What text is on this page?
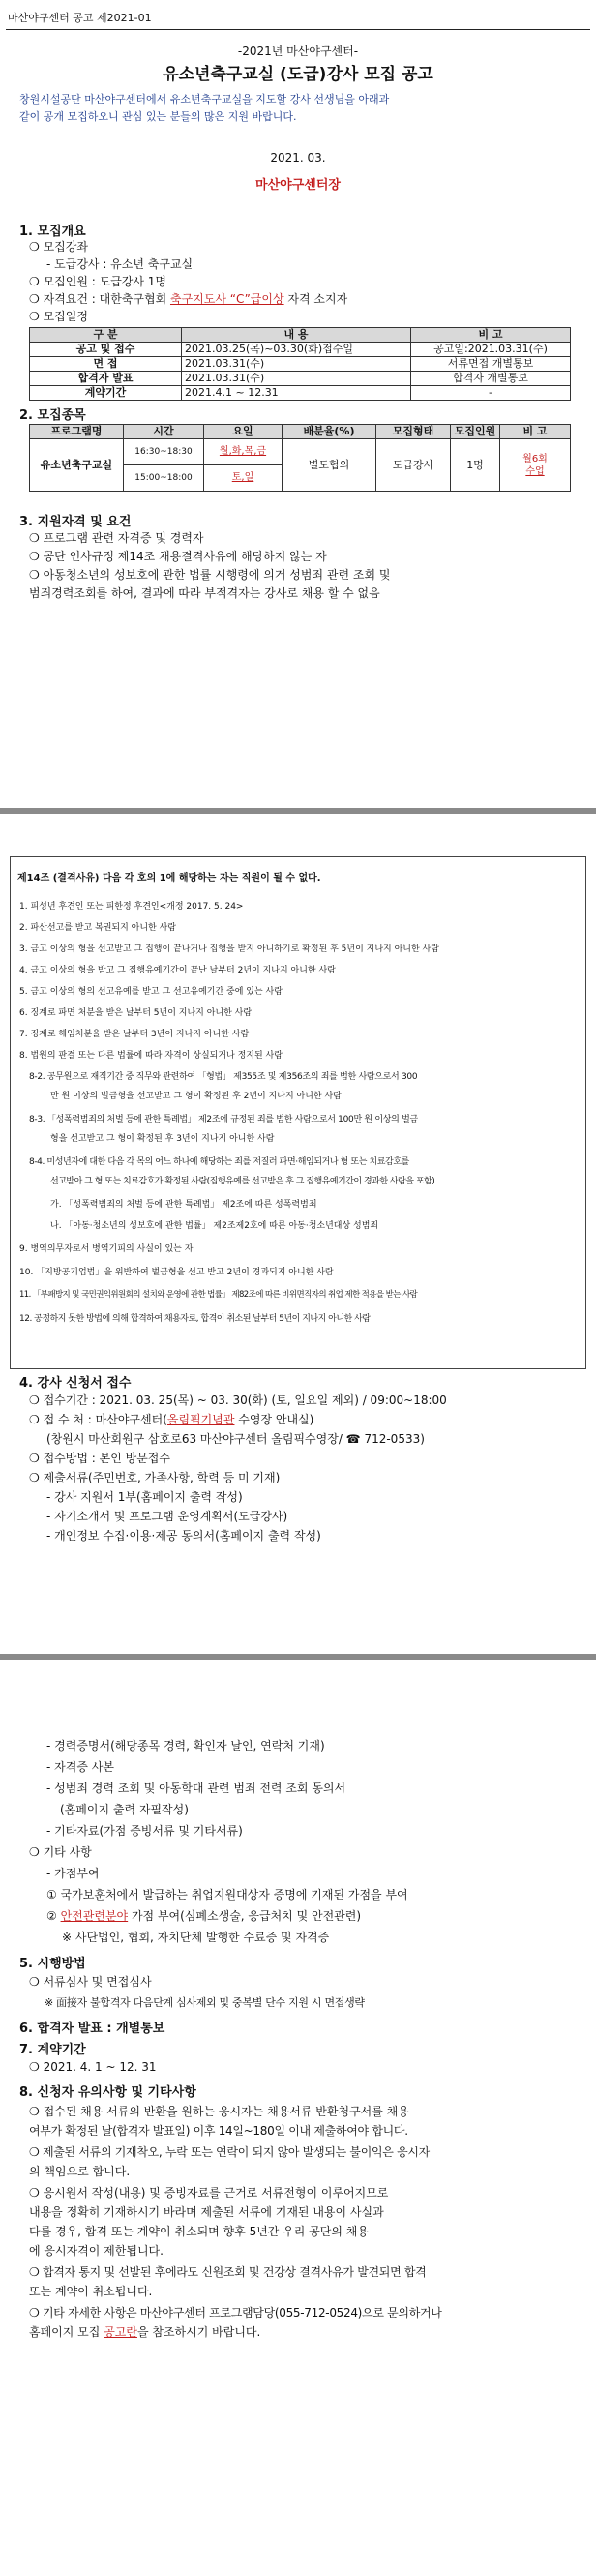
마산야구센터 공고 제2021-01
-2021년 마산야구센터-
유소년축구교실 (도급)강사 모집 공고
창원시설공단 마산야구센터에서 유소년축구교실을 지도할 강사 선생님을 아래과
같이 공개 모집하오니 관심 있는 분들의 많은 지원 바랍니다.
2021. 03.
마산야구센터장
1. 모집개요
❍ 모집강좌
- 도급강사 : 유소년 축구교실
❍ 모집인원 : 도급강사 1명
❍ 자격요건 : 대한축구협회 축구지도사 “C”급이상 자격 소지자
❍ 모집일정
구 분	내 용	비 고
공고 및 접수	2021.03.25(목)~03.30(화)접수일	공고일:2021.03.31(수)
면 접	2021.03.31(수)	서류면접 개별통보
합격자 발표	2021.03.31(수)	합격자 개별통보
계약기간	2021.4.1 ~ 12.31	-
2. 모집종목
프로그램명	시간	요일	배분율(%)	모집형태	모집인원	비 고
유소년축구교실	16:30~18:30	월,화,목,금	별도협의	도급강사	1명	월6회
수업

	15:00~18:00	토,일				
3. 지원자격 및 요건
❍ 프로그램 관련 자격증 및 경력자
❍ 공단 인사규정 제14조 채용결격사유에 해당하지 않는 자
❍ 아동청소년의 성보호에 관한 법률 시행령에 의거 성범죄 관련 조회 및
범죄경력조회를 하여, 결과에 따라 부적격자는 강사로 채용 할 수 없음
제14조 (결격사유) 다음 각 호의 1에 해당하는 자는 직원이 될 수 없다.
1. 피성년 후견인 또는 피한정 후견인<개정 2017. 5. 24>
2. 파산선고를 받고 복권되지 아니한 사람
3. 금고 이상의 형을 선고받고 그 집행이 끝나거나 집행을 받지 아니하기로 확정된 후 5년이 지나지 아니한 사람
4. 금고 이상의 형을 받고 그 집행유예기간이 끝난 날부터 2년이 지나지 아니한 사람
5. 금고 이상의 형의 선고유예를 받고 그 선고유예기간 중에 있는 사람
6. 징계로 파면 처분을 받은 날부터 5년이 지나지 아니한 사람
7. 징계로 해임처분을 받은 날부터 3년이 지나지 아니한 사람
8. 법원의 판결 또는 다른 법률에 따라 자격이 상실되거나 정지된 사람
8-2. 공무원으로 재직기간 중 직무와 관련하여 「형법」 제355조 및 제356조의 죄를 범한 사람으로서 300
만 원 이상의 벌금형을 선고받고 그 형이 확정된 후 2년이 지나지 아니한 사람
8-3. 「성폭력범죄의 처벌 등에 관한 특례법」 제2조에 규정된 죄를 범한 사람으로서 100만 원 이상의 벌금
형을 선고받고 그 형이 확정된 후 3년이 지나지 아니한 사람
8-4. 미성년자에 대한 다음 각 목의 어느 하나에 해당하는 죄를 저질러 파면·해임되거나 형 또는 치료감호를
선고받아 그 형 또는 치료감호가 확정된 사람(집행유예를 선고받은 후 그 집행유예기간이 경과한 사람을 포함)
가. 「성폭력범죄의 처벌 등에 관한 특례법」 제2조에 따른 성폭력범죄
나. 「아동·청소년의 성보호에 관한 법률」 제2조제2호에 따른 아동·청소년대상 성범죄
9. 병역의무자로서 병역기피의 사실이 있는 자
10. 「지방공기업법」을 위반하여 벌금형을 선고 받고 2년이 경과되지 아니한 사람
11. 「부패방지 및 국민권익위원회의 설치와 운영에 관한 법률」 제82조에 따른 비위면직자의 취업 제한 적용을 받는 사람
12. 공정하지 못한 방법에 의해 합격하여 채용자로, 합격이 취소된 날부터 5년이 지나지 아니한 사람
4. 강사 신청서 접수
❍ 접수기간 : 2021. 03. 25(목) ~ 03. 30(화) (토, 일요일 제외) / 09:00~18:00
❍ 접 수 처 : 마산야구센터(올림픽기념관 수영장 안내실)
(창원시 마산회원구 삼호로63 마산야구센터 올림픽수영장/ ☎ 712-0533)
❍ 접수방법 : 본인 방문접수
❍ 제출서류(주민번호, 가족사항, 학력 등 미 기재)
- 강사 지원서 1부(홈페이지 출력 작성)
- 자기소개서 및 프로그램 운영계획서(도급강사)
- 개인정보 수집·이용·제공 동의서(홈페이지 출력 작성)
- 경력증명서(해당종목 경력, 확인자 날인, 연락처 기재)
- 자격증 사본
- 성범죄 경력 조회 및 아동학대 관련 범죄 전력 조회 동의서
(홈페이지 출력 자필작성)
- 기타자료(가점 증빙서류 및 기타서류)
❍ 기타 사항
- 가점부여
① 국가보훈처에서 발급하는 취업지원대상자 증명에 기재된 가점을 부여
② 안전관련분야 가점 부여(심폐소생술, 응급처치 및 안전관련)
※ 사단법인, 협회, 자치단체 발행한 수료증 및 자격증
5. 시행방법
❍ 서류심사 및 면접심사
※ 面接자 불합격자 다음단계 심사제외 및 중복별 단수 지원 시 면접생략
6. 합격자 발표 : 개별통보
7. 계약기간
❍ 2021. 4. 1 ~ 12. 31
8. 신청자 유의사항 및 기타사항
❍ 접수된 채용 서류의 반환을 원하는 응시자는 채용서류 반환청구서를 채용
여부가 확정된 날(합격자 발표일) 이후 14일~180일 이내 제출하여야 합니다.
❍ 제출된 서류의 기재착오, 누락 또는 연락이 되지 않아 발생되는 불이익은 응시자
의 책임으로 합니다.
❍ 응시원서 작성(내용) 및 증빙자료를 근거로 서류전형이 이루어지므로
내용을 정확히 기재하시기 바라며 제출된 서류에 기재된 내용이 사실과
다를 경우, 합격 또는 계약이 취소되며 향후 5년간 우리 공단의 채용
에 응시자격이 제한됩니다.
❍ 합격자 통지 및 선발된 후에라도 신원조회 및 건강상 결격사유가 발견되면 합격
또는 계약이 취소됩니다.
❍ 기타 자세한 사항은 마산야구센터 프로그램담당(055-712-0524)으로 문의하거나
홈페이지 모집 공고란을 참조하시기 바랍니다.
